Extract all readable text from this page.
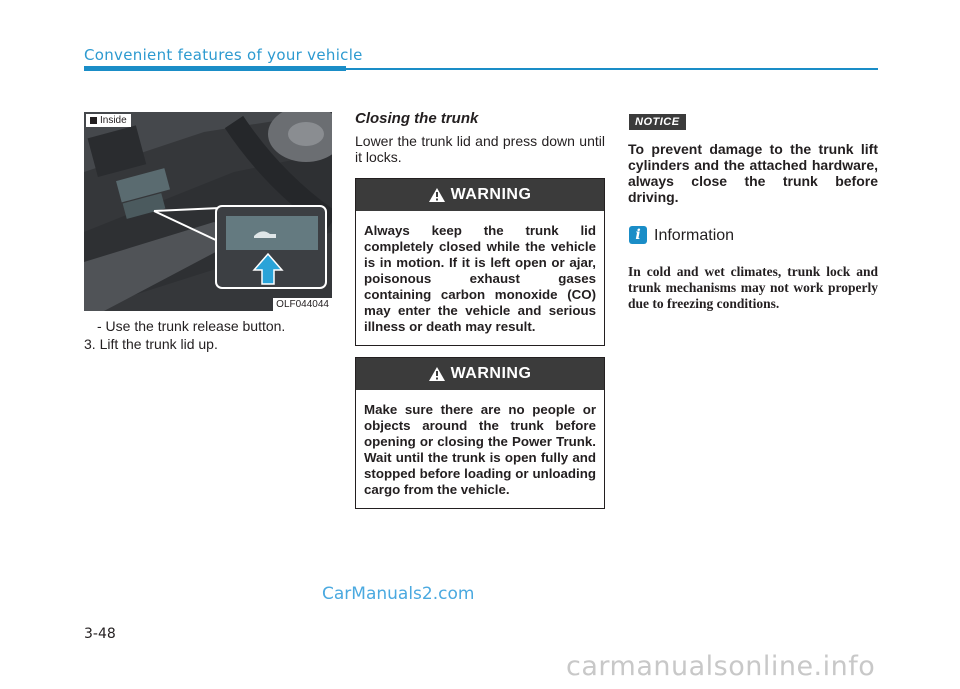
Convenient features of your vehicle
Inside
OLF044044
- Use the trunk release button.
3. Lift the trunk lid up.
Closing the trunk
Lower the trunk lid and press down until it locks.
WARNING
Always keep the trunk lid completely closed while the vehicle is in motion. If it is left open or ajar, poisonous exhaust gases containing carbon monoxide (CO) may enter the vehicle and serious illness or death may result.
WARNING
Make sure there are no people or objects around the trunk before opening or closing the Power Trunk. Wait until the trunk is open fully and stopped before loading or unloading cargo from the vehicle.
NOTICE
To prevent damage to the trunk lift cylinders and the attached hardware, always close the trunk before driving.
i Information
In cold and wet climates, trunk lock and trunk mechanisms may not work properly due to freezing conditions.
CarManuals2.com
3-48
carmanualsonline.info
